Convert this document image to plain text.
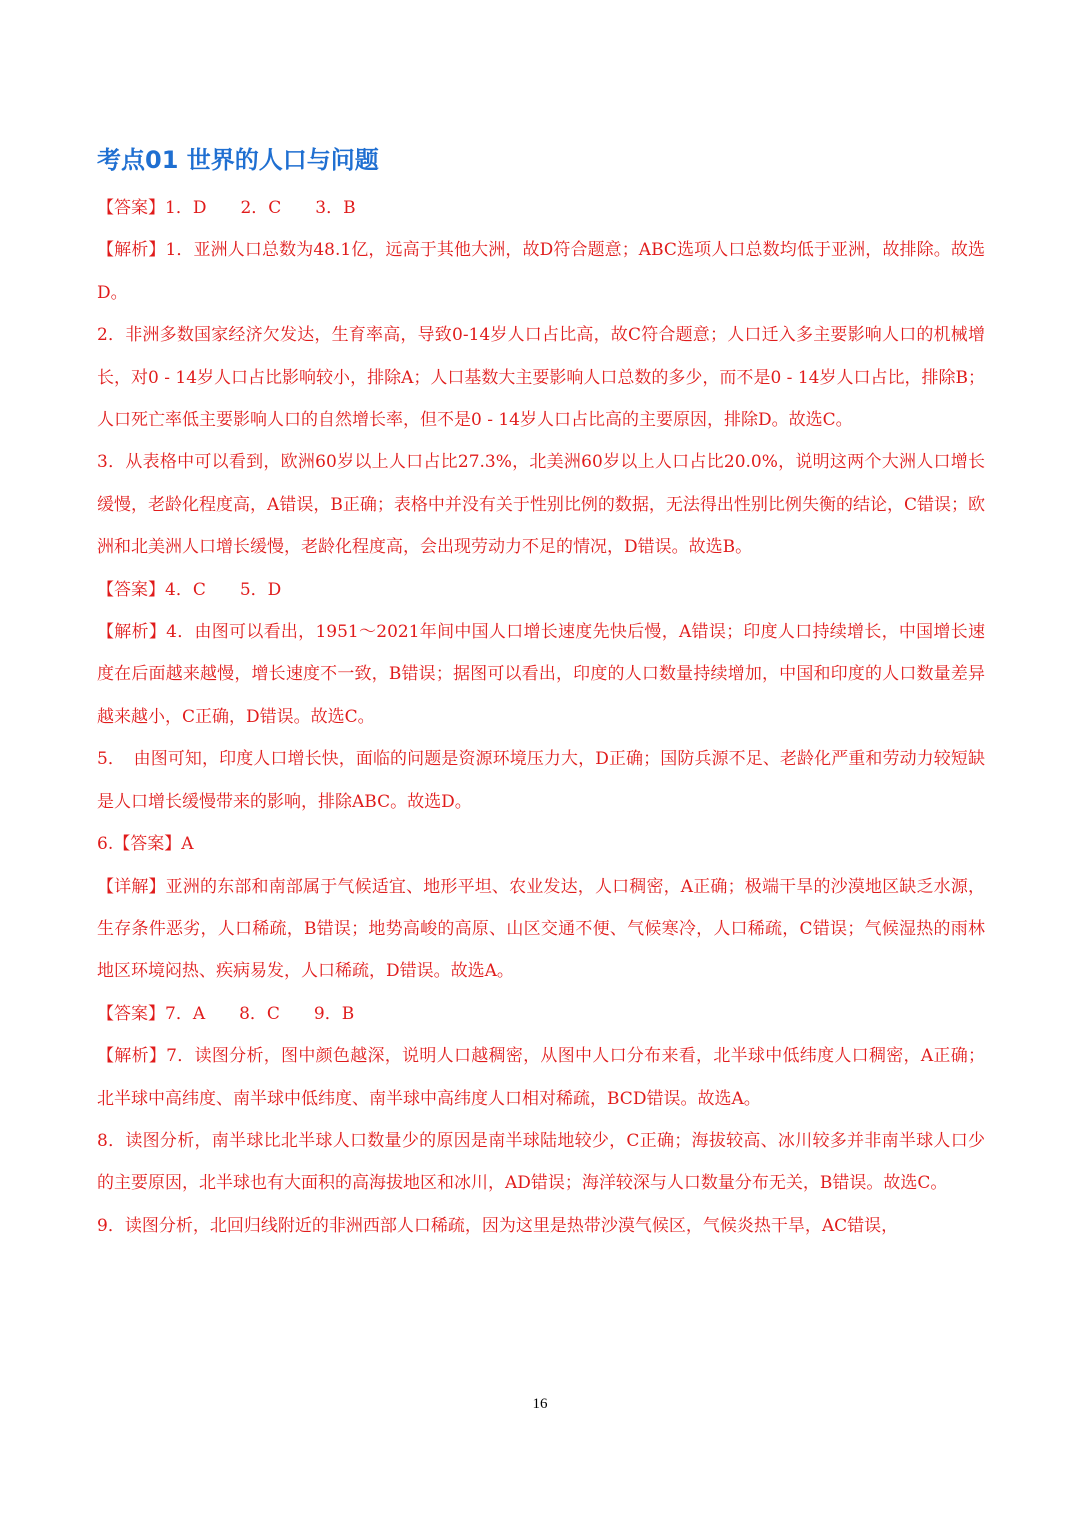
考点01 世界的人口与问题

【答案】1．D　　2．C　　3．B

【解析】1．亚洲人口总数为48.1亿，远高于其他大洲，故D符合题意；ABC选项人口总数均低于亚洲，故排除。故选D。

2．非洲多数国家经济欠发达，生育率高，导致0-14岁人口占比高，故C符合题意；人口迁入多主要影响人口的机械增长，对0 - 14岁人口占比影响较小，排除A；人口基数大主要影响人口总数的多少，而不是0 - 14岁人口占比，排除B；人口死亡率低主要影响人口的自然增长率，但不是0 - 14岁人口占比高的主要原因，排除D。故选C。

3．从表格中可以看到，欧洲60岁以上人口占比27.3%，北美洲60岁以上人口占比20.0%，说明这两个大洲人口增长缓慢，老龄化程度高，A错误，B正确；表格中并没有关于性别比例的数据，无法得出性别比例失衡的结论，C错误；欧洲和北美洲人口增长缓慢，老龄化程度高，会出现劳动力不足的情况，D错误。故选B。

【答案】4．C　　5．D

【解析】4．由图可以看出，1951～2021年间中国人口增长速度先快后慢，A错误；印度人口持续增长，中国增长速度在后面越来越慢，增长速度不一致，B错误；据图可以看出，印度的人口数量持续增加，中国和印度的人口数量差异越来越小，C正确，D错误。故选C。

5．　由图可知，印度人口增长快，面临的问题是资源环境压力大，D正确；国防兵源不足、老龄化严重和劳动力较短缺是人口增长缓慢带来的影响，排除ABC。故选D。

6.【答案】A

【详解】亚洲的东部和南部属于气候适宜、地形平坦、农业发达，人口稠密，A正确；极端干旱的沙漠地区缺乏水源，生存条件恶劣，人口稀疏，B错误；地势高峻的高原、山区交通不便、气候寒冷，人口稀疏，C错误；气候湿热的雨林地区环境闷热、疾病易发，人口稀疏，D错误。故选A。

【答案】7．A　　8．C　　9．B

【解析】7．读图分析，图中颜色越深，说明人口越稠密，从图中人口分布来看，北半球中低纬度人口稠密，A正确；北半球中高纬度、南半球中低纬度、南半球中高纬度人口相对稀疏，BCD错误。故选A。

8．读图分析，南半球比北半球人口数量少的原因是南半球陆地较少，C正确；海拔较高、冰川较多并非南半球人口少的主要原因，北半球也有大面积的高海拔地区和冰川，AD错误；海洋较深与人口数量分布无关，B错误。故选C。

9．读图分析，北回归线附近的非洲西部人口稀疏，因为这里是热带沙漠气候区，气候炎热干旱，AC错误，

16
